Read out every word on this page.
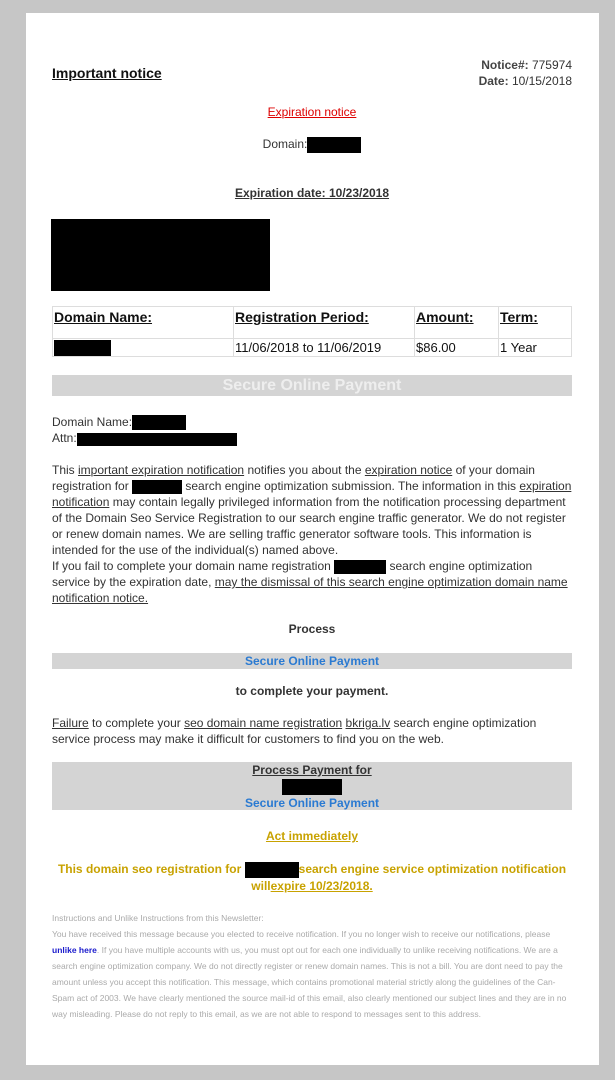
Important notice	Notice#: 775974
Date: 10/15/2018
Expiration notice
Domain:
Expiration date: 10/23/2018
Domain Name:	Registration Period:	Amount:	Term:
	11/06/2018 to 11/06/2019	$86.00	1 Year
Secure Online Payment
Domain Name:
Attn:
This important expiration notification notifies you about the expiration notice of your domain registration for	search engine optimization submission. The information in this expiration notification may contain legally privileged information from the notification processing department of the Domain Seo Service Registration to our search engine traffic generator. We do not register or renew domain names. We are selling traffic generator software tools. This information is intended for the use of the individual(s) named above.
If you fail to complete your domain name registration	search engine optimization service by the expiration date, may the dismissal of this search engine optimization domain name notification notice.
Process
Secure Online Payment
to complete your payment.
Failure to complete your seo domain name registration bkriga.lv search engine optimization service process may make it difficult for customers to find you on the web.
Process Payment for
Secure Online Payment
Act immediately
This domain seo registration for	search engine service optimization notification willexpire 10/23/2018.
Instructions and Unlike Instructions from this Newsletter:
You have received this message because you elected to receive notification. If you no longer wish to receive our notifications, please unlike here. If you have multiple accounts with us, you must opt out for each one individually to unlike receiving notifications. We are a search engine optimization company. We do not directly register or renew domain names. This is not a bill. You are dont need to pay the amount unless you accept this notification. This message, which contains promotional material strictly along the guidelines of the Can-Spam act of 2003. We have clearly mentioned the source mail-id of this email, also clearly mentioned our subject lines and they are in no way misleading. Please do not reply to this email, as we are not able to respond to messages sent to this address.
